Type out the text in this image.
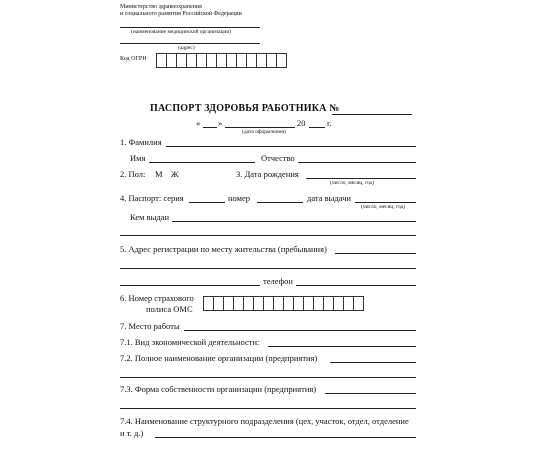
Министерство здравоохранения
и социального развития Российской Федерации
(наименование медицинской организации)
(адрес)
Код ОГРН
ПАСПОРТ ЗДОРОВЬЯ РАБОТНИКА №
« »	20	г.
(дата оформления)
1. Фамилия
Имя	Отчество
2. Пол: М Ж	3. Дата рождения
(число, месяц, год)
4. Паспорт: серия	номер	дата выдачи
(число, месяц, год)
Кем выдан
5. Адрес регистрации по месту жительства (пребывания)
телефон
6. Номер страхового
полиса ОМС
7. Место работы
7.1. Вид экономической деятельности:
7.2. Полное наименование организации (предприятия)
7.3. Форма собственности организации (предприятия)
7.4. Наименование структурного подразделения (цех, участок, отдел, отделение
и т. д.)
